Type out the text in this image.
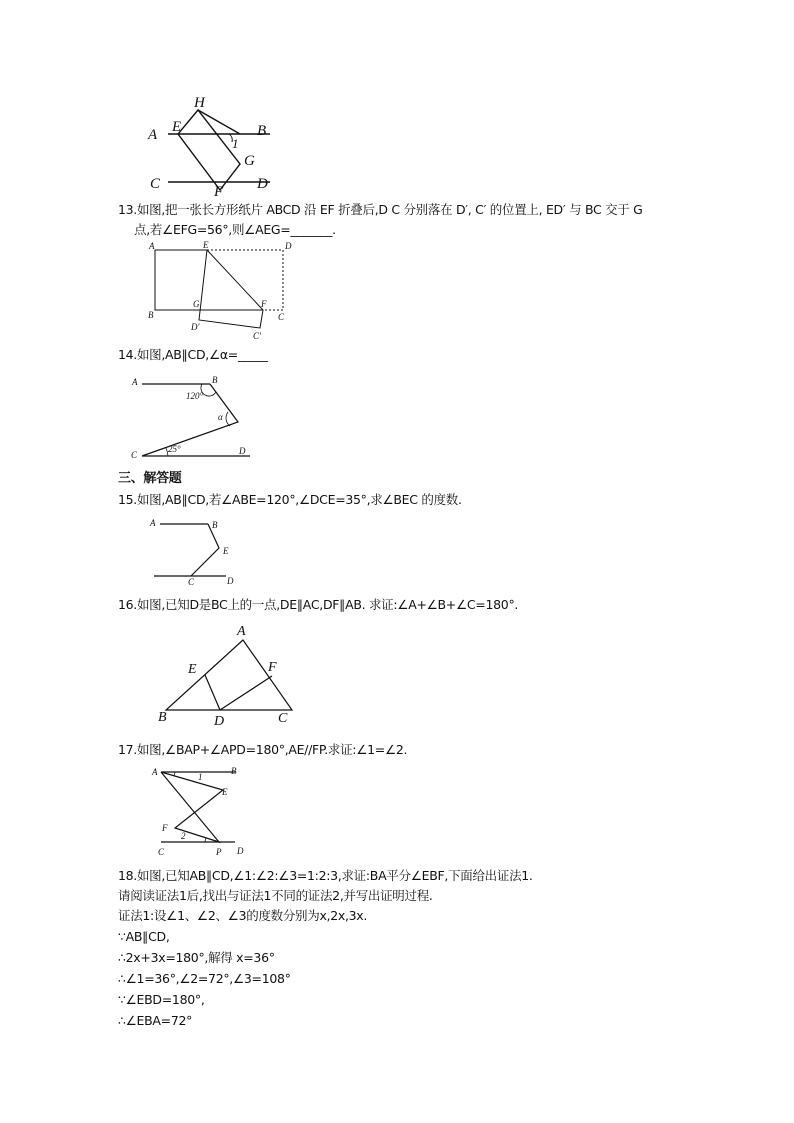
H
A E	B
1
G
C	F D
13.如图,把一张长方形纸片 ABCD 沿 EF 折叠后,D C 分别落在 D′, C′ 的位置上, ED′ 与 BC 交于 G
点,若∠EFG=56°,则∠AEG=_______.
A	E	D
G	F
B	C
D′
C′
14.如图,AB∥CD,∠α=_____
A	B
120°
α
C
25°	D
三、解答题
15.如图,AB∥CD,若∠ABE=120°,∠DCE=35°,求∠BEC 的度数.
A	B
E
C	D
16.如图,已知D是BC上的一点,DE∥AC,DF∥AB. 求证:∠A+∠B+∠C=180°.
A
E	F
B	D	C
17.如图,∠BAP+∠APD=180°,AE//FP.求证:∠1=∠2.
A	1
B
E
F
2
C	P D
18.如图,已知AB∥CD,∠1:∠2:∠3=1:2:3,求证:BA平分∠EBF,下面给出证法1.
请阅读证法1后,找出与证法1不同的证法2,并写出证明过程.
证法1:设∠1、∠2、∠3的度数分别为x,2x,3x.
∵AB∥CD,
∴2x+3x=180°,解得 x=36°
∴∠1=36°,∠2=72°,∠3=108°
∵∠EBD=180°,
∴∠EBA=72°
